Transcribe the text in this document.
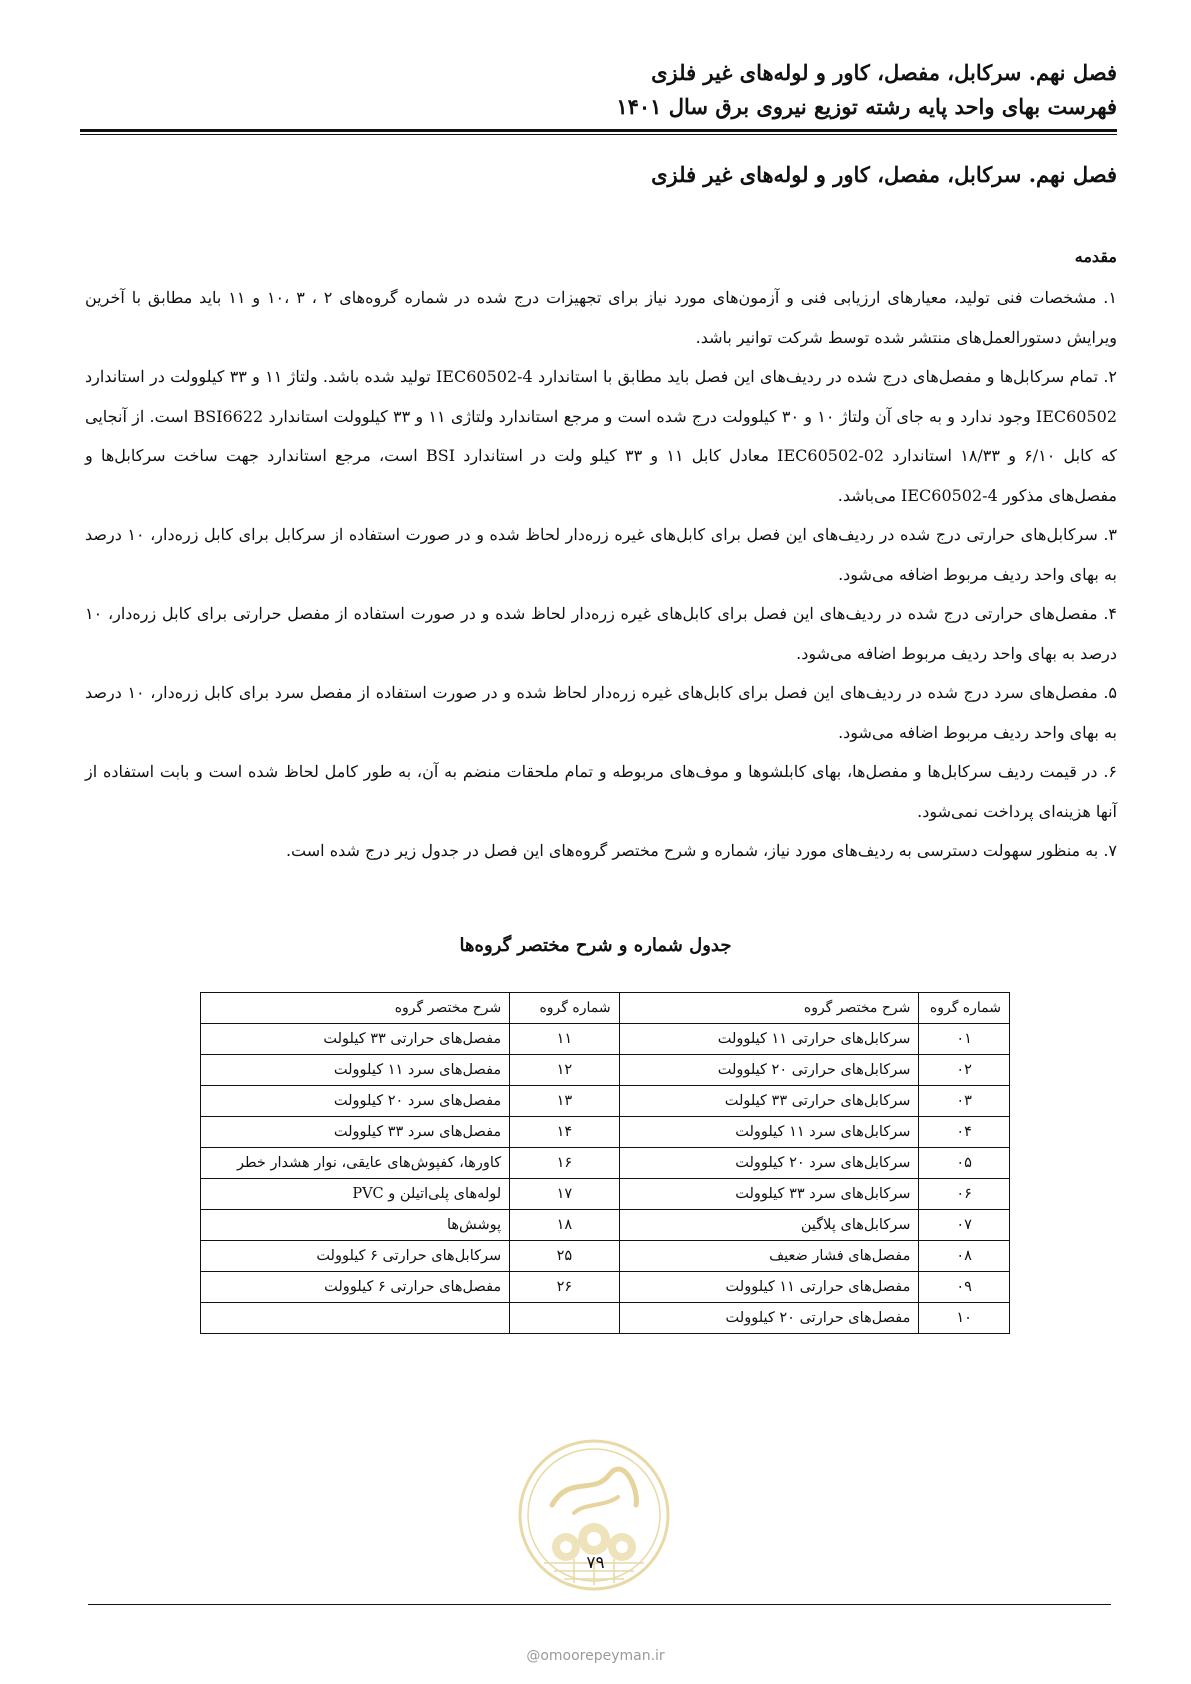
فصل نهم. سرکابل، مفصل، کاور و لوله‌های غیر فلزی
فهرست بهای واحد پایه رشته توزیع نیروی برق سال ۱۴۰۱
فصل نهم. سرکابل، مفصل، کاور و لوله‌های غیر فلزی
مقدمه

۱. مشخصات فنی تولید، معیارهای ارزیابی فنی و آزمون‌های مورد نیاز برای تجهیزات درج شده در شماره گروه‌های ۲ ، ۳ ،۱۰ و ۱۱ باید مطابق با آخرین ویرایش دستورالعمل‌های منتشر شده توسط شرکت توانیر باشد.

۲. تمام سرکابل‌ها و مفصل‌های درج شده در ردیف‌های این فصل باید مطابق با استاندارد IEC60502-4 تولید شده باشد. ولتاژ ۱۱ و ۳۳ کیلوولت در استاندارد IEC60502 وجود ندارد و به جای آن ولتاژ ۱۰ و ۳۰ کیلوولت درج شده است و مرجع استاندارد ولتاژی ۱۱ و ۳۳ کیلوولت استاندارد BSI6622 است. از آنجایی که کابل ۶/۱۰ و ۱۸/۳۳ استاندارد IEC60502-02 معادل کابل ۱۱ و ۳۳ کیلو ولت در استاندارد BSI است، مرجع استاندارد جهت ساخت سرکابل‌ها و مفصل‌های مذکور IEC60502-4 می‌باشد.

۳. سرکابل‌های حرارتی درج شده در ردیف‌های این فصل برای کابل‌های غیره زره‌دار لحاظ شده و در صورت استفاده از سرکابل برای کابل زره‌دار، ۱۰ درصد به بهای واحد ردیف مربوط اضافه می‌شود.

۴. مفصل‌های حرارتی درج شده در ردیف‌های این فصل برای کابل‌های غیره زره‌دار لحاظ شده و در صورت استفاده از مفصل حرارتی برای کابل زره‌دار، ۱۰ درصد به بهای واحد ردیف مربوط اضافه می‌شود.

۵. مفصل‌های سرد درج شده در ردیف‌های این فصل برای کابل‌های غیره زره‌دار لحاظ شده و در صورت استفاده از مفصل سرد برای کابل زره‌دار، ۱۰ درصد به بهای واحد ردیف مربوط اضافه می‌شود.

۶. در قیمت ردیف سرکابل‌ها و مفصل‌ها، بهای کابلشوها و موف‌های مربوطه و تمام ملحقات منضم به آن، به طور کامل لحاظ شده است و بابت استفاده از آنها هزینه‌ای پرداخت نمی‌شود.

۷. به منظور سهولت دسترسی به ردیف‌های مورد نیاز، شماره و شرح مختصر گروه‌های این فصل در جدول زیر درج شده است.

جدول شماره و شرح مختصر گروه‌ها
شماره گروه	شرح مختصر گروه	شماره گروه	شرح مختصر گروه
۰۱	سرکابل‌های حرارتی ۱۱ کیلوولت	۱۱	مفصل‌های حرارتی ۳۳ کیلولت
۰۲	سرکابل‌های حرارتی ۲۰ کیلوولت	۱۲	مفصل‌های سرد ۱۱ کیلوولت
۰۳	سرکابل‌های حرارتی ۳۳ کیلولت	۱۳	مفصل‌های سرد ۲۰ کیلوولت
۰۴	سرکابل‌های سرد ۱۱ کیلوولت	۱۴	مفصل‌های سرد ۳۳ کیلوولت
۰۵	سرکابل‌های سرد ۲۰ کیلوولت	۱۶	کاورها، کفپوش‌های عایقی، نوار هشدار خطر
۰۶	سرکابل‌های سرد ۳۳ کیلوولت	۱۷	لوله‌های پلی‌اتیلن و PVC
۰۷	سرکابل‌های پلاگین	۱۸	پوشش‌ها
۰۸	مفصل‌های فشار ضعیف	۲۵	سرکابل‌های حرارتی ۶ کیلوولت
۰۹	مفصل‌های حرارتی ۱۱ کیلوولت	۲۶	مفصل‌های حرارتی ۶ کیلوولت
۱۰	مفصل‌های حرارتی ۲۰ کیلوولت		
۷۹
@omoorepeyman.ir
